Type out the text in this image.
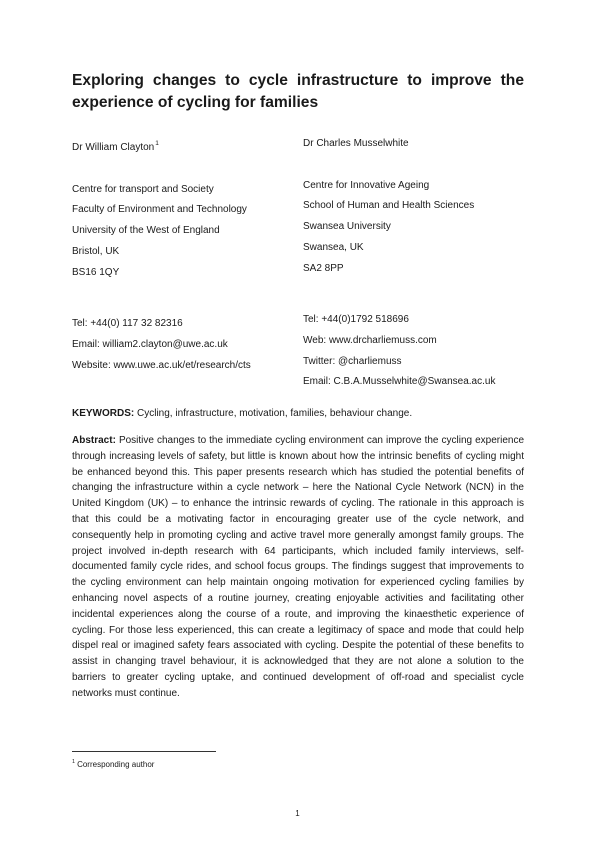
Exploring changes to cycle infrastructure to improve the experience of cycling for families
Dr William Clayton$^1$
Centre for transport and Society
Faculty of Environment and Technology
University of the West of England
Bristol, UK
BS16 1QY
Tel: +44(0) 117 32 82316
Email: william2.clayton@uwe.ac.uk
Website: www.uwe.ac.uk/et/research/cts
Dr Charles Musselwhite
Centre for Innovative Ageing
School of Human and Health Sciences
Swansea University
Swansea, UK
SA2 8PP
Tel: +44(0)1792 518696
Web: www.drcharliemuss.com
Twitter: @charliemuss
Email: C.B.A.Musselwhite@Swansea.ac.uk

KEYWORDS: Cycling, infrastructure, motivation, families, behaviour change.

Abstract: Positive changes to the immediate cycling environment can improve the cycling experience through increasing levels of safety, but little is known about how the intrinsic benefits of cycling might be enhanced beyond this. This paper presents research which has studied the potential benefits of changing the infrastructure within a cycle network – here the National Cycle Network (NCN) in the United Kingdom (UK) – to enhance the intrinsic rewards of cycling. The rationale in this approach is that this could be a motivating factor in encouraging greater use of the cycle network, and consequently help in promoting cycling and active travel more generally amongst family groups. The project involved in-depth research with 64 participants, which included family interviews, self-documented family cycle rides, and school focus groups. The findings suggest that improvements to the cycling environment can help maintain ongoing motivation for experienced cycling families by enhancing novel aspects of a routine journey, creating enjoyable activities and facilitating other incidental experiences along the course of a route, and improving the kinaesthetic experience of cycling. For those less experienced, this can create a legitimacy of space and mode that could help dispel real or imagined safety fears associated with cycling. Despite the potential of these benefits to assist in changing travel behaviour, it is acknowledged that they are not alone a solution to the barriers to greater cycling uptake, and continued development of off-road and specialist cycle networks must continue.

$^1$ Corresponding author
1
